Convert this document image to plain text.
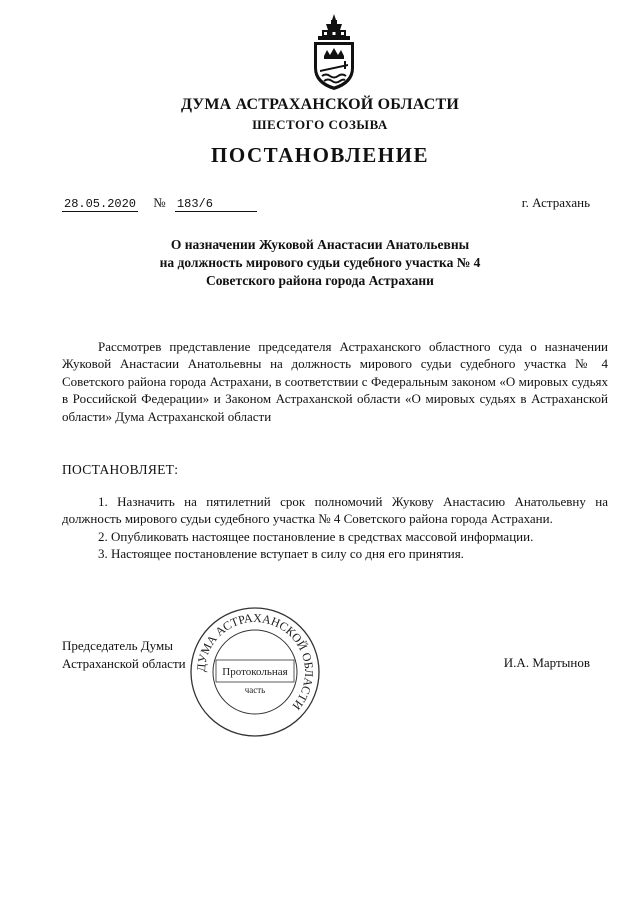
ДУМА АСТРАХАНСКОЙ ОБЛАСТИ
ШЕСТОГО СОЗЫВА
ПОСТАНОВЛЕНИЕ
28.05.2020 № 183/6	г. Астрахань
О назначении Жуковой Анастасии Анатольевны
на должность мирового судьи судебного участка № 4
Советского района города Астрахани
Рассмотрев представление председателя Астраханского областного суда о назначении Жуковой Анастасии Анатольевны на должность мирового судьи судебного участка № 4 Советского района города Астрахани, в соответствии с Федеральным законом «О мировых судьях в Российской Федерации» и Законом Астраханской области «О мировых судьях в Астраханской области» Дума Астраханской области
ПОСТАНОВЛЯЕТ:

1. Назначить на пятилетний срок полномочий Жукову Анастасию Анатольевну на должность мирового судьи судебного участка № 4 Советского района города Астрахани.

2. Опубликовать настоящее постановление в средствах массовой информации.

3. Настоящее постановление вступает в силу со дня его принятия.

Председатель Думы
Астраханской области	И.А. Мартынов
ДУМА АСТРАХАНСКОЙ ОБЛАСТИ
Протокольная
часть
